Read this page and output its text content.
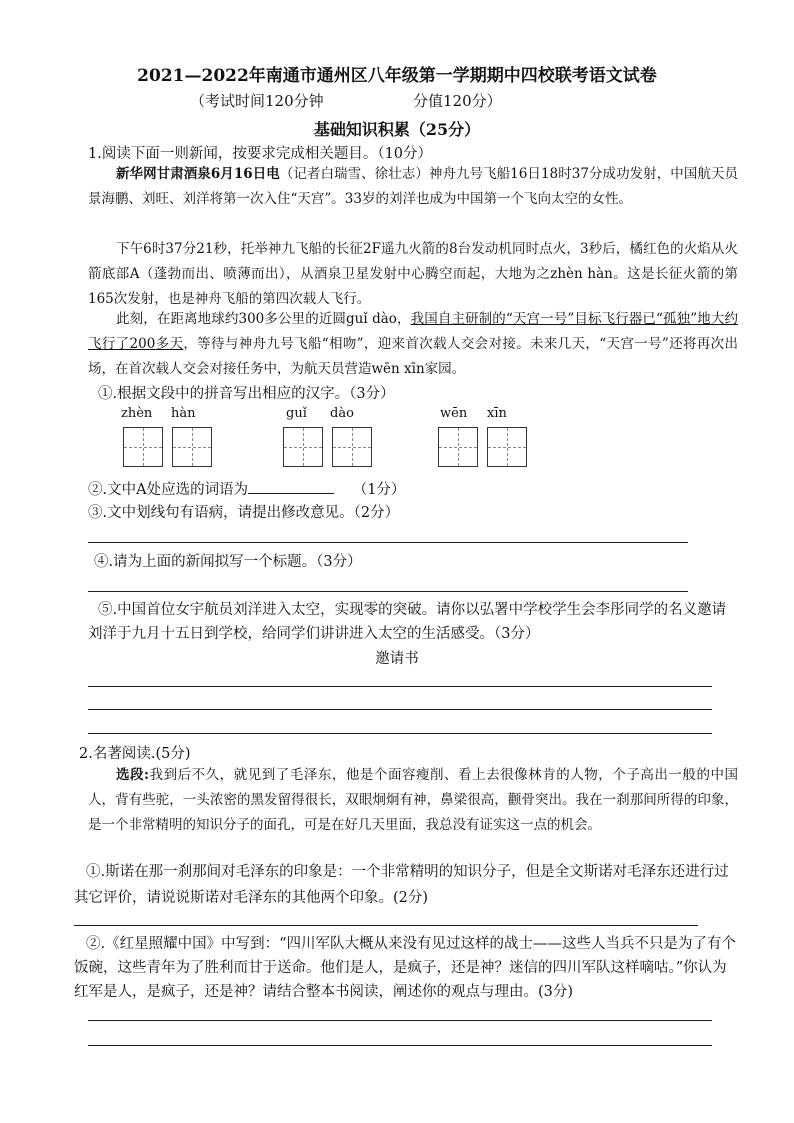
2021—2022年南通市通州区八年级第一学期期中四校联考语文试卷
（考试时间120分钟	分值120分）
基础知识积累（25分）
1.阅读下面一则新闻，按要求完成相关题目。（10分）
新华网甘肃酒泉6月16日电（记者白瑞雪、徐壮志）神舟九号飞船16日18时37分成功发射，中国航天员景海鹏、刘旺、刘洋将第一次入住“天宫”。33岁的刘洋也成为中国第一个飞向太空的女性。
下午6时37分21秒，托举神九飞船的长征2F遥九火箭的8台发动机同时点火，3秒后，橘红色的火焰从火箭底部A（蓬勃而出、喷薄而出），从酒泉卫星发射中心腾空而起，大地为之zhèn hàn。这是长征火箭的第165次发射，也是神舟飞船的第四次载人飞行。
此刻，在距离地球约300多公里的近圆guǐ dào，我国自主研制的“天宫一号”目标飞行器已“孤独”地大约飞行了200多天，等待与神舟九号飞船“相吻”，迎来首次载人交会对接。未来几天，“天宫一号”还将再次出场，在首次载人交会对接任务中，为航天员营造wēn xīn家园。
①.根据文段中的拼音写出相应的汉字。（3分）
zhèn hàn	guǐ dào	wēn xīn
②.文中A处应选的词语为	（1分）
③.文中划线句有语病，请提出修改意见。（2分）
④.请为上面的新闻拟写一个标题。（3分）
⑤.中国首位女宇航员刘洋进入太空，实现零的突破。请你以弘署中学校学生会李彤同学的名义邀请刘洋于九月十五日到学校，给同学们讲讲进入太空的生活感受。（3分）
邀请书
2.名著阅读.(5分)
选段:我到后不久，就见到了毛泽东，他是个面容瘦削、看上去很像林肯的人物，个子高出一般的中国人，背有些驼，一头浓密的黑发留得很长，双眼炯炯有神，鼻梁很高，颧骨突出。我在一刹那间所得的印象，是一个非常精明的知识分子的面孔，可是在好几天里面，我总没有证实这一点的机会。
①.斯诺在那一刹那间对毛泽东的印象是：一个非常精明的知识分子，但是全文斯诺对毛泽东还进行过其它评价，请说说斯诺对毛泽东的其他两个印象。(2分)
②.《红星照耀中国》中写到：“四川军队大概从来没有见过这样的战士——这些人当兵不只是为了有个饭碗，这些青年为了胜利而甘于送命。他们是人，是疯子，还是神？迷信的四川军队这样嘀咕。”你认为红军是人，是疯子，还是神？请结合整本书阅读，阐述你的观点与理由。(3分)
